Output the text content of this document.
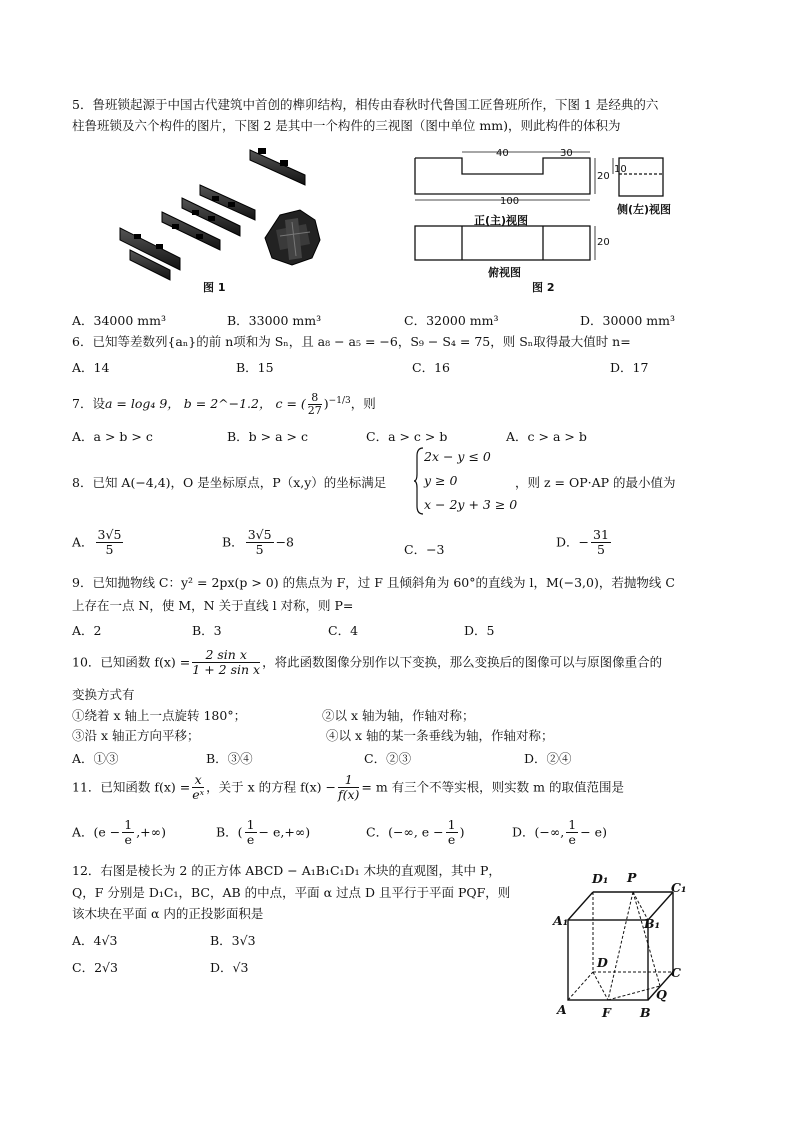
5．鲁班锁起源于中国古代建筑中首创的榫卯结构，相传由春秋时代鲁国工匠鲁班所作，下图 1 是经典的六
柱鲁班锁及六个构件的图片，下图 2 是其中一个构件的三视图（图中单位 mm)，则此构件的体积为
图 1
40	30
100
20
20
10
正(主)视图
侧(左)视图
俯视图
图 2
A．34000 mm³	B．33000 mm³	C．32000 mm³	D．30000 mm³
6．已知等差数列{aₙ}的前 n项和为 Sₙ，且 a₈ − a₅ = −6，S₉ − S₄ = 75，则 Sₙ取得最大值时 n=
A．14	B．15	C．16	D．17
7．设a = log₄ 9， b = 2^−1.2， c = ( $\frac{8}{27} )^{-1/3}$，则
A．a > b > c	B．b > a > c	C．a > c > b	A．c > a > b
8．已知 A(−4,4)，O 是坐标原点，P（x,y）的坐标满足
2x − y ≤ 0
y ≥ 0
x − 2y + 3 ≥ 0
，则 z = OP·AP 的最小值为
A． $\frac{3√5}{5}$	B． $\frac{3√5}{5} -8$
C．−3
D．− $\frac{31}{5}$
9．已知抛物线 C：y² = 2px(p > 0) 的焦点为 F，过 F 且倾斜角为 60°的直线为 l，M(−3,0)，若抛物线 C
上存在一点 N，使 M，N 关于直线 l 对称，则 P=
A．2	B．3	C．4	D．5
10．已知函数 $f(x) = \frac{\text{2 sin x}}{\text{1 + 2 sin x}}$ ，将此函数图像分别作以下变换，那么变换后的图像可以与原图像重合的
变换方式有
①绕着 x 轴上一点旋转 180°；	②以 x 轴为轴，作轴对称；
③沿 x 轴正方向平移；	④以 x 轴的某一条垂线为轴，作轴对称；
A．①③	B．③④	C．②③	D．②④
11．已知函数 $f(x) = \frac{x}{\text{eˣ}}$ ，关于 x 的方程 $f(x) - \frac{1}{f(x)} = m$ 有三个不等实根，则实数 m 的取值范围是
A．($e - \frac{1}{e}$ ,+∞)	B．( $\frac{1}{e} - e,+\infty$)	C．(−∞, $e - \frac{1}{e}$ )	D．(−∞, $\frac{1}{e} - e$)
12．右图是棱长为 2 的正方体 ABCD − A₁B₁C₁D₁ 木块的直观图，其中 P，
Q，F 分别是 D₁C₁，BC，AB 的中点，平面 α 过点 D 且平行于平面 PQF，则
该木块在平面 α 内的正投影面积是
A．4√3	B．3√3
C．2√3	D．√3
D₁ P
C₁
A₁	B₁
D
C
Q
A	F B
